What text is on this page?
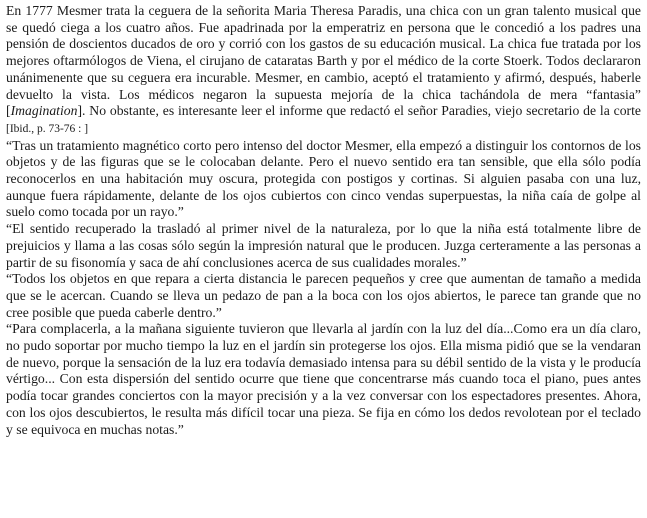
En 1777 Mesmer trata la ceguera de la señorita Maria Theresa Paradis, una chica con un gran talento musical que se quedó ciega a los cuatro años. Fue apadrinada por la emperatriz en persona que le concedió a los padres una pensión de doscientos ducados de oro y corrió con los gastos de su educación musical. La chica fue tratada por los mejores oftarmólogos de Viena, el cirujano de cataratas Barth y por el médico de la corte Stoerk. Todos declararon unánimenente que su ceguera era incurable. Mesmer, en cambio, aceptó el tratamiento y afirmó, después, haberle devuelto la vista. Los médicos negaron la supuesta mejoría de la chica tachándola de mera “fantasia” [Imagination]. No obstante, es interesante leer el informe que redactó el señor Paradies, viejo secretario de la corte [Ibid., p. 73-76 : ]

“Tras un tratamiento magnético corto pero intenso del doctor Mesmer, ella empezó a distinguir los contornos de los objetos y de las figuras que se le colocaban delante. Pero el nuevo sentido era tan sensible, que ella sólo podía reconocerlos en una habitación muy oscura, protegida con postigos y cortinas. Si alguien pasaba con una luz, aunque fuera rápidamente, delante de los ojos cubiertos con cinco vendas superpuestas, la niña caía de golpe al suelo como tocada por un rayo.”

“El sentido recuperado la trasladó al primer nivel de la naturaleza, por lo que la niña está totalmente libre de prejuicios y llama a las cosas sólo según la impresión natural que le producen. Juzga certeramente a las personas a partir de su fisonomía y saca de ahí conclusiones acerca de sus cualidades morales.”

“Todos los objetos en que repara a cierta distancia le parecen pequeños y cree que aumentan de tamaño a medida que se le acercan. Cuando se lleva un pedazo de pan a la boca con los ojos abiertos, le parece tan grande que no cree posible que pueda caberle dentro.”

“Para complacerla, a la mañana siguiente tuvieron que llevarla al jardín con la luz del día...Como era un día claro, no pudo soportar por mucho tiempo la luz en el jardín sin protegerse los ojos. Ella misma pidió que se la vendaran de nuevo, porque la sensación de la luz era todavía demasiado intensa para su débil sentido de la vista y le producía vértigo... Con esta dispersión del sentido ocurre que tiene que concentrarse más cuando toca el piano, pues antes podía tocar grandes conciertos con la mayor precisión y a la vez conversar con los espectadores presentes. Ahora, con los ojos descubiertos, le resulta más difícil tocar una pieza. Se fija en cómo los dedos revolotean por el teclado y se equivoca en muchas notas.”
